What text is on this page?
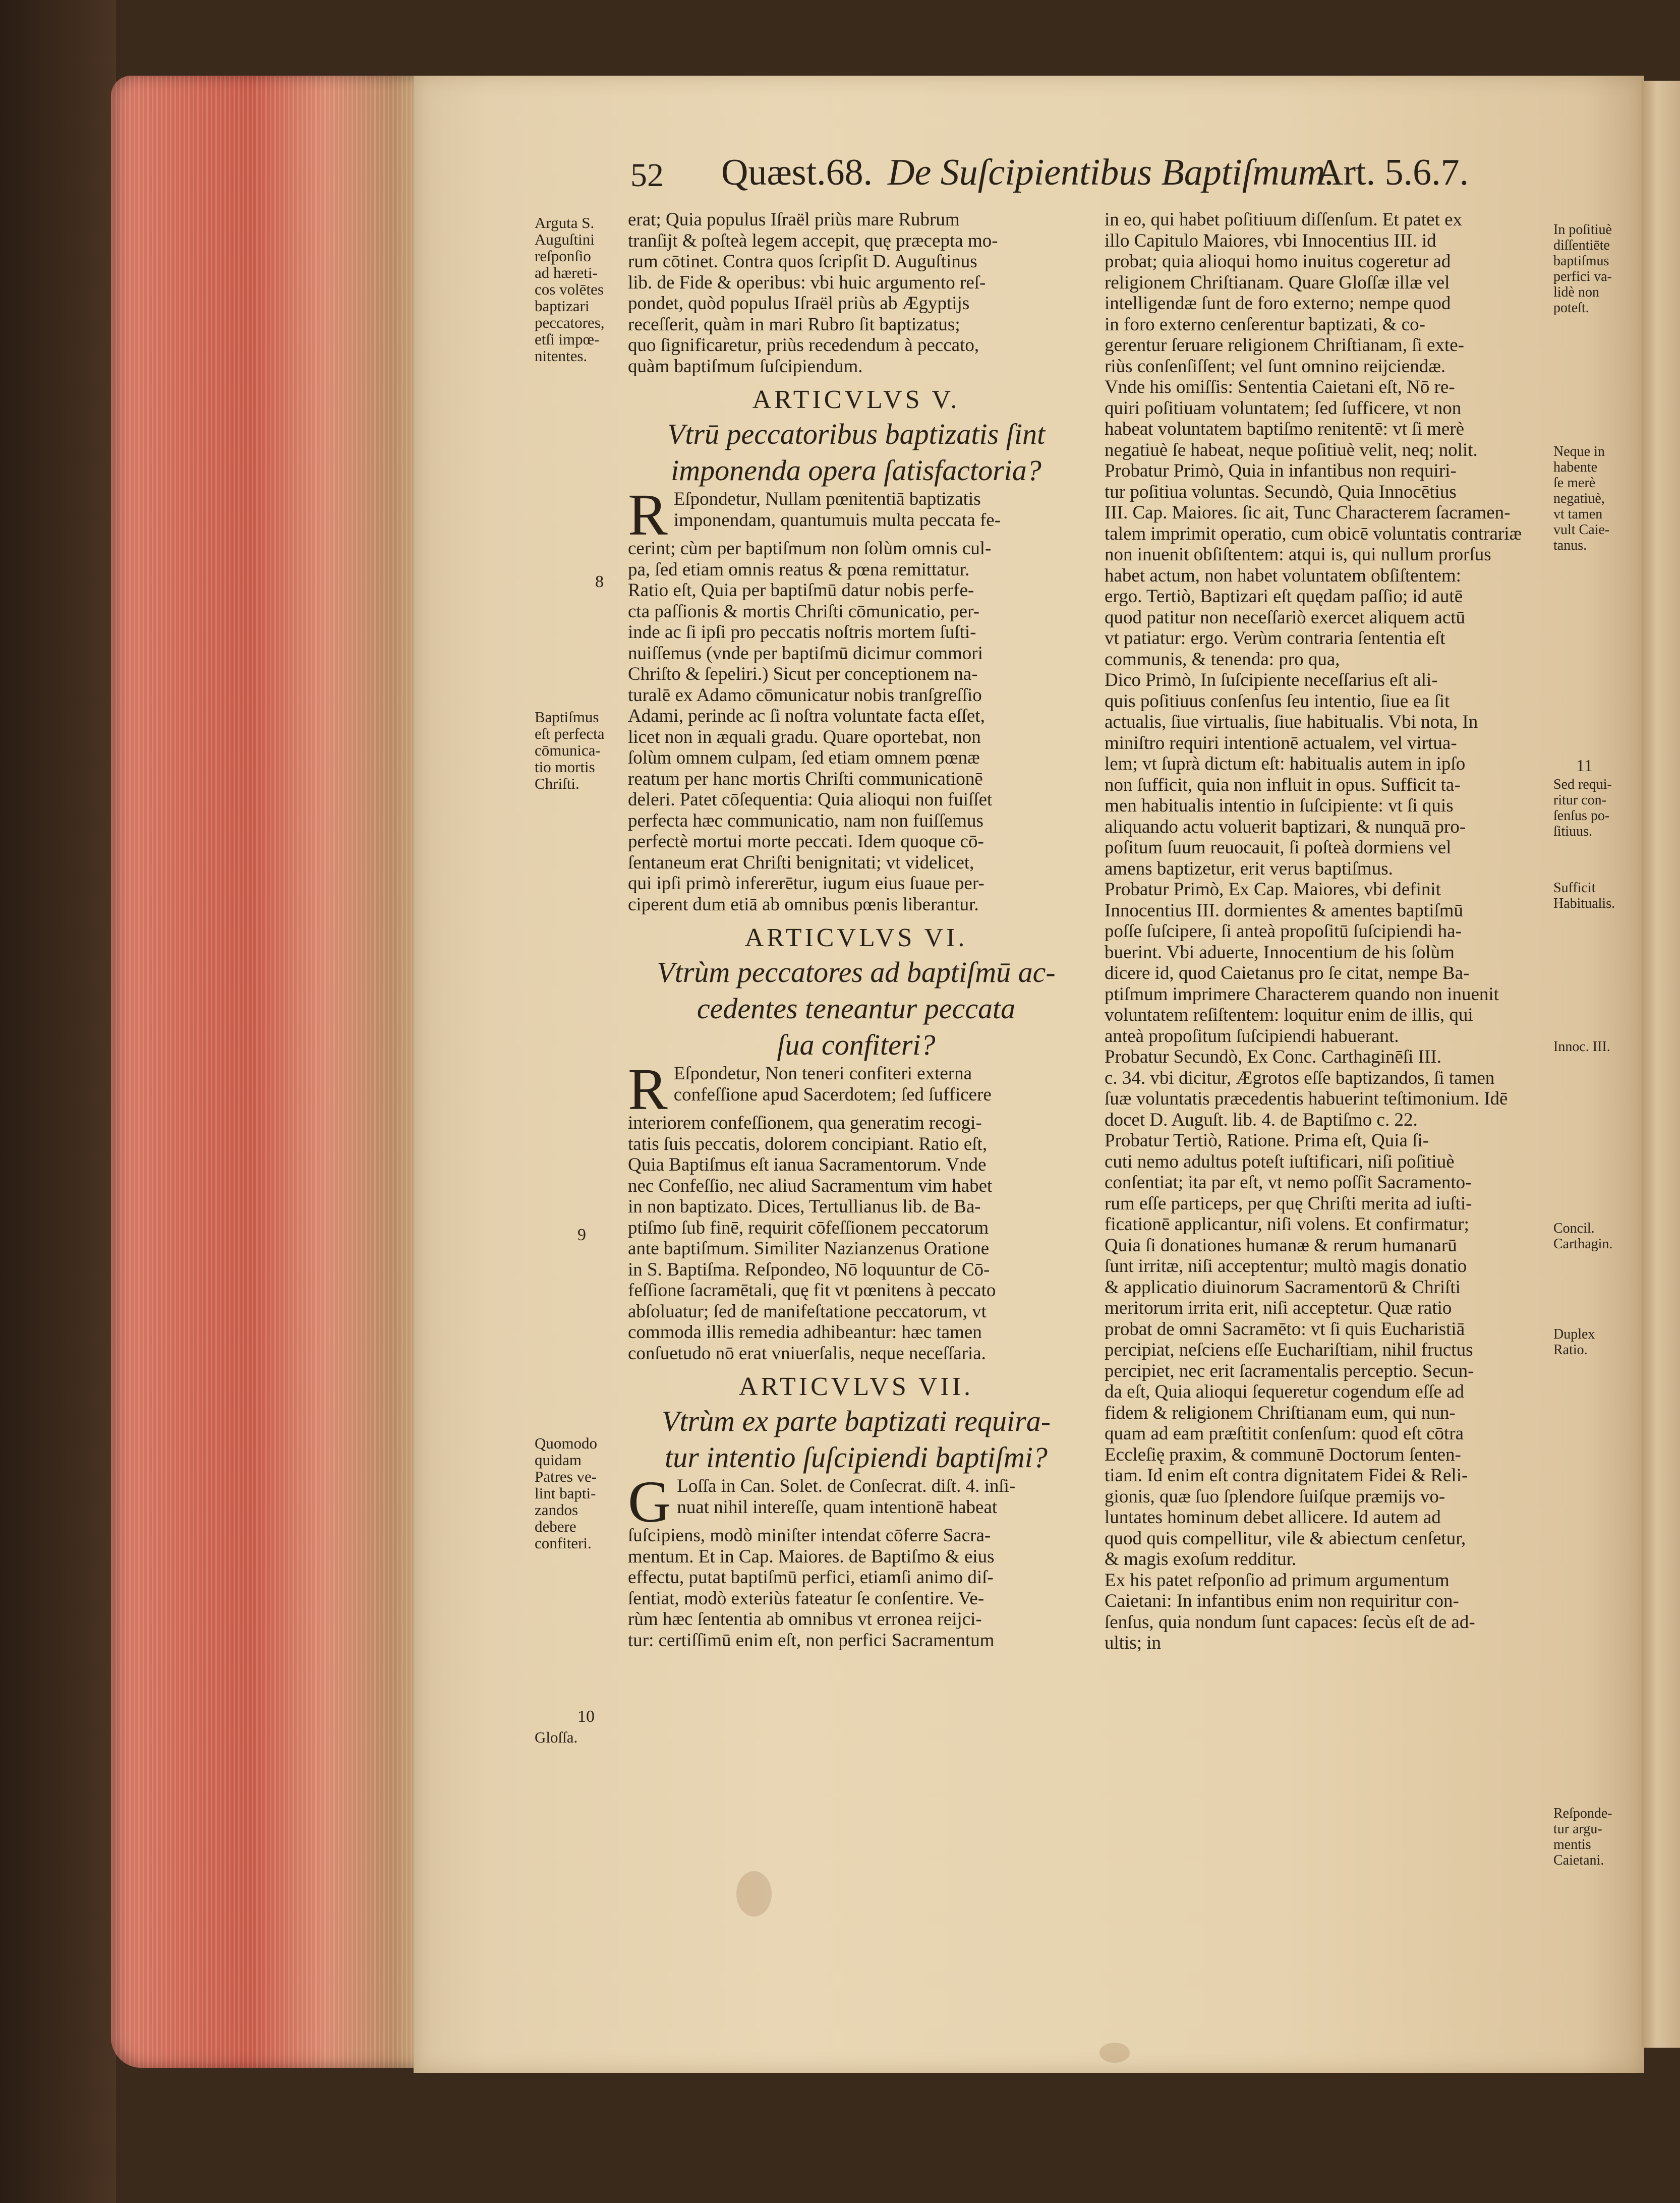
52 Quæst.68. De Suſcipientibus Baptiſmum.
Art. 5.6.7.
Arguta S.
Auguſtini
reſponſio
ad hæreti-
cos volētes
baptizari
peccatores,
etſi impœ-
nitentes.
8
Baptiſmus
eſt perfecta
cōmunica-
tio mortis
Chriſti.
9
Quomodo
quidam
Patres ve-
lint bapti-
zandos
debere
confiteri.
10
Gloſſa.
erat; Quia populus Iſraël priùs mare Rubrum
tranſijt & poſteà legem accepit, quę præcepta mo-
rum cōtinet. Contra quos ſcripſit D. Auguſtinus
lib. de Fide & operibus: vbi huic argumento reſ-
pondet, quòd populus Iſraël priùs ab Ægyptijs
receſſerit, quàm in mari Rubro ſit baptizatus;
quo ſignificaretur, priùs recedendum à peccato,
quàm baptiſmum ſuſcipiendum.
ARTICVLVS V.
Vtrū peccatoribus baptizatis ſint
imponenda opera ſatisfactoria?
R Eſpondetur, Nullam pœnitentiā baptizatis
imponendam, quantumuis multa peccata fe-
cerint; cùm per baptiſmum non ſolùm omnis cul-
pa, ſed etiam omnis reatus & pœna remittatur.
Ratio eſt, Quia per baptiſmū datur nobis perfe-
cta paſſionis & mortis Chriſti cōmunicatio, per-
inde ac ſi ipſi pro peccatis noſtris mortem ſuſti-
nuiſſemus (vnde per baptiſmū dicimur commori
Chriſto & ſepeliri.) Sicut per conceptionem na-
turalē ex Adamo cōmunicatur nobis tranſgreſſio
Adami, perinde ac ſi noſtra voluntate facta eſſet,
licet non in æquali gradu. Quare oportebat, non
ſolùm omnem culpam, ſed etiam omnem pœnæ
reatum per hanc mortis Chriſti communicationē
deleri. Patet cōſequentia: Quia alioqui non fuiſſet
perfecta hæc communicatio, nam non fuiſſemus
perfectè mortui morte peccati. Idem quoque cō-
ſentaneum erat Chriſti benignitati; vt videlicet,
qui ipſi primò infererētur, iugum eius ſuaue per-
ciperent dum etiā ab omnibus pœnis liberantur.
ARTICVLVS VI.
Vtrùm peccatores ad baptiſmū ac-
cedentes teneantur peccata
ſua confiteri?
R Eſpondetur, Non teneri confiteri externa
confeſſione apud Sacerdotem; ſed ſufficere
interiorem confeſſionem, qua generatim recogi-
tatis ſuis peccatis, dolorem concipiant. Ratio eſt,
Quia Baptiſmus eſt ianua Sacramentorum. Vnde
nec Confeſſio, nec aliud Sacramentum vim habet
in non baptizato. Dices, Tertullianus lib. de Ba-
ptiſmo ſub finē, requirit cōfeſſionem peccatorum
ante baptiſmum. Similiter Nazianzenus Oratione
in S. Baptiſma. Reſpondeo, Nō loquuntur de Cō-
feſſione ſacramētali, quę fit vt pœnitens à peccato
abſoluatur; ſed de manifeſtatione peccatorum, vt
commoda illis remedia adhibeantur: hæc tamen
conſuetudo nō erat vniuerſalis, neque neceſſaria.
ARTICVLVS VII.
Vtrùm ex parte baptizati requira-
tur intentio ſuſcipiendi baptiſmi?
G Loſſa in Can. Solet. de Conſecrat. diſt. 4. inſi-
nuat nihil intereſſe, quam intentionē habeat
ſuſcipiens, modò miniſter intendat cōferre Sacra-
mentum. Et in Cap. Maiores. de Baptiſmo & eius
effectu, putat baptiſmū perfici, etiamſi animo diſ-
ſentiat, modò exteriùs fateatur ſe conſentire. Ve-
rùm hæc ſententia ab omnibus vt erronea reijci-
tur: certiſſimū enim eſt, non perfici Sacramentum
in eo, qui habet poſitiuum diſſenſum. Et patet ex
illo Capitulo Maiores, vbi Innocentius III. id
probat; quia alioqui homo inuitus cogeretur ad
religionem Chriſtianam. Quare Gloſſæ illæ vel
intelligendæ ſunt de foro externo; nempe quod
in foro externo cenſerentur baptizati, & co-
gerentur ſeruare religionem Chriſtianam, ſi exte-
riùs conſenſiſſent; vel ſunt omnino reijciendæ.
Vnde his omiſſis: Sententia Caietani eſt, Nō re-
quiri poſitiuam voluntatem; ſed ſufficere, vt non
habeat voluntatem baptiſmo renitentē: vt ſi merè
negatiuè ſe habeat, neque poſitiuè velit, neq; nolit.
Probatur Primò, Quia in infantibus non requiri-
tur poſitiua voluntas. Secundò, Quia Innocētius
III. Cap. Maiores. ſic ait, Tunc Characterem ſacramen-
talem imprimit operatio, cum obicē voluntatis contrariæ
non inuenit obſiſtentem: atqui is, qui nullum prorſus
habet actum, non habet voluntatem obſiſtentem:
ergo. Tertiò, Baptizari eſt quędam paſſio; id autē
quod patitur non neceſſariò exercet aliquem actū
vt patiatur: ergo. Verùm contraria ſententia eſt
communis, & tenenda: pro qua,
Dico Primò, In ſuſcipiente neceſſarius eſt ali-
quis poſitiuus conſenſus ſeu intentio, ſiue ea ſit
actualis, ſiue virtualis, ſiue habitualis. Vbi nota, In
miniſtro requiri intentionē actualem, vel virtua-
lem; vt ſuprà dictum eſt: habitualis autem in ipſo
non ſufficit, quia non influit in opus. Sufficit ta-
men habitualis intentio in ſuſcipiente: vt ſi quis
aliquando actu voluerit baptizari, & nunquā pro-
poſitum ſuum reuocauit, ſi poſteà dormiens vel
amens baptizetur, erit verus baptiſmus.
Probatur Primò, Ex Cap. Maiores, vbi definit
Innocentius III. dormientes & amentes baptiſmū
poſſe ſuſcipere, ſi anteà propoſitū ſuſcipiendi ha-
buerint. Vbi aduerte, Innocentium de his ſolùm
dicere id, quod Caietanus pro ſe citat, nempe Ba-
ptiſmum imprimere Characterem quando non inuenit
voluntatem reſiſtentem: loquitur enim de illis, qui
anteà propoſitum ſuſcipiendi habuerant.
Probatur Secundò, Ex Conc. Carthaginēſi III.
c. 34. vbi dicitur, Ægrotos eſſe baptizandos, ſi tamen
ſuæ voluntatis præcedentis habuerint teſtimonium. Idē
docet D. Auguſt. lib. 4. de Baptiſmo c. 22.
Probatur Tertiò, Ratione. Prima eſt, Quia ſi-
cuti nemo adultus poteſt iuſtificari, niſi poſitiuè
conſentiat; ita par eſt, vt nemo poſſit Sacramento-
rum eſſe particeps, per quę Chriſti merita ad iuſti-
ficationē applicantur, niſi volens. Et confirmatur;
Quia ſi donationes humanæ & rerum humanarū
ſunt irritæ, niſi acceptentur; multò magis donatio
& applicatio diuinorum Sacramentorū & Chriſti
meritorum irrita erit, niſi acceptetur. Quæ ratio
probat de omni Sacramēto: vt ſi quis Eucharistiā
percipiat, neſciens eſſe Euchariſtiam, nihil fructus
percipiet, nec erit ſacramentalis perceptio. Secun-
da eſt, Quia alioqui ſequeretur cogendum eſſe ad
fidem & religionem Chriſtianam eum, qui nun-
quam ad eam præſtitit conſenſum: quod eſt cōtra
Eccleſię praxim, & communē Doctorum ſenten-
tiam. Id enim eſt contra dignitatem Fidei & Reli-
gionis, quæ ſuo ſplendore ſuiſque præmijs vo-
luntates hominum debet allicere. Id autem ad
quod quis compellitur, vile & abiectum cenſetur,
& magis exoſum redditur.
Ex his patet reſponſio ad primum argumentum
Caietani: In infantibus enim non requiritur con-
ſenſus, quia nondum ſunt capaces: ſecùs eſt de ad-
ultis; in
In poſitiuè
diſſentiēte
baptiſmus
perfici va-
lidè non
poteſt.
Neque in
habente
ſe merè
negatiuè,
vt tamen
vult Caie-
tanus.
11
Sed requi-
ritur con-
ſenſus po-
ſitiuus.
Sufficit
Habitualis.
Innoc. III.
Concil.
Carthagin.
Duplex
Ratio.
Reſponde-
tur argu-
mentis
Caietani.
